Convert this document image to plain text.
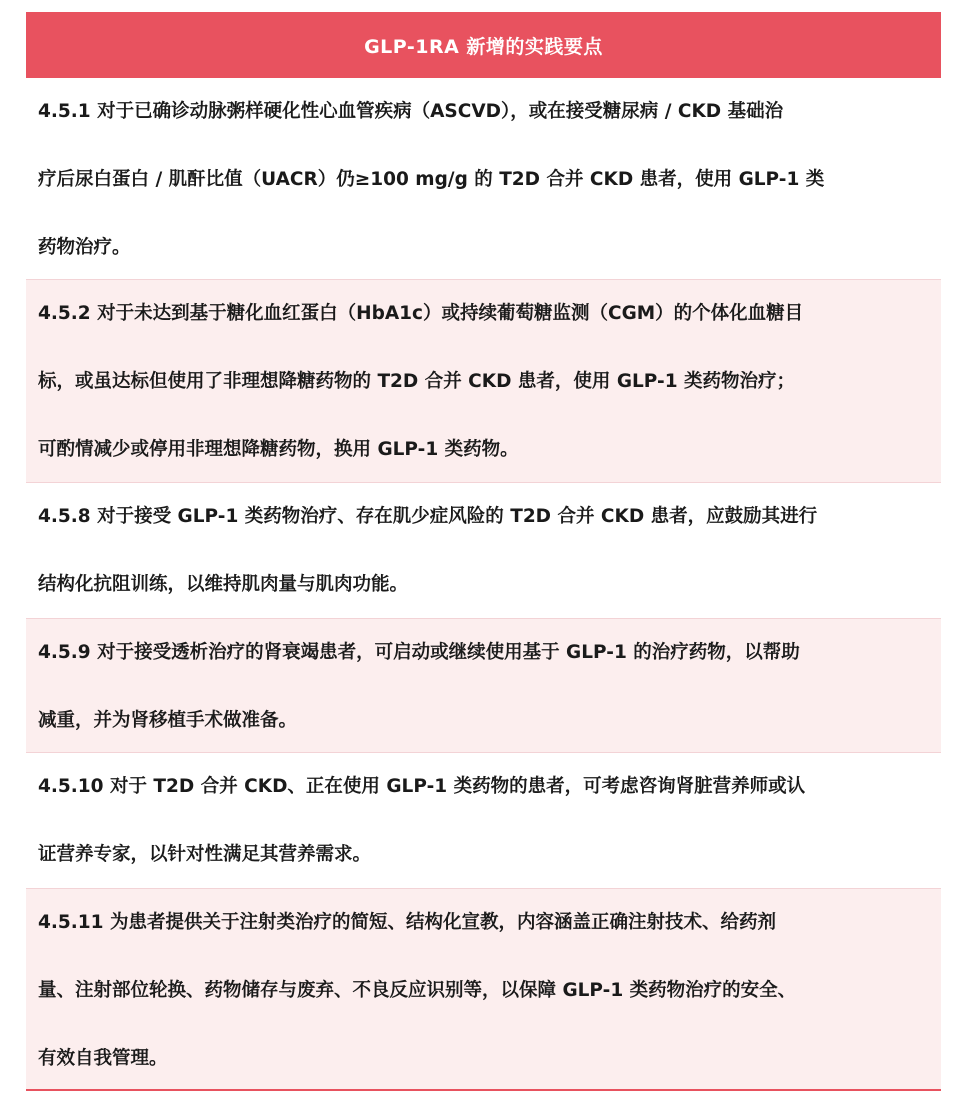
GLP-1RA 新增的实践要点
4.5.1 对于已确诊动脉粥样硬化性心血管疾病（ASCVD），或在接受糖尿病 / CKD 基础治
疗后尿白蛋白 / 肌酐比值（UACR）仍≥100 mg/g 的 T2D 合并 CKD 患者，使用 GLP-1 类
药物治疗。
4.5.2 对于未达到基于糖化血红蛋白（HbA1c）或持续葡萄糖监测（CGM）的个体化血糖目
标，或虽达标但使用了非理想降糖药物的 T2D 合并 CKD 患者，使用 GLP-1 类药物治疗；
可酌情减少或停用非理想降糖药物，换用 GLP-1 类药物。
4.5.8 对于接受 GLP-1 类药物治疗、存在肌少症风险的 T2D 合并 CKD 患者，应鼓励其进行
结构化抗阻训练，以维持肌肉量与肌肉功能。
4.5.9 对于接受透析治疗的肾衰竭患者，可启动或继续使用基于 GLP-1 的治疗药物，以帮助
减重，并为肾移植手术做准备。
4.5.10 对于 T2D 合并 CKD、正在使用 GLP-1 类药物的患者，可考虑咨询肾脏营养师或认
证营养专家，以针对性满足其营养需求。
4.5.11 为患者提供关于注射类治疗的简短、结构化宣教，内容涵盖正确注射技术、给药剂
量、注射部位轮换、药物储存与废弃、不良反应识别等，以保障 GLP-1 类药物治疗的安全、
有效自我管理。
